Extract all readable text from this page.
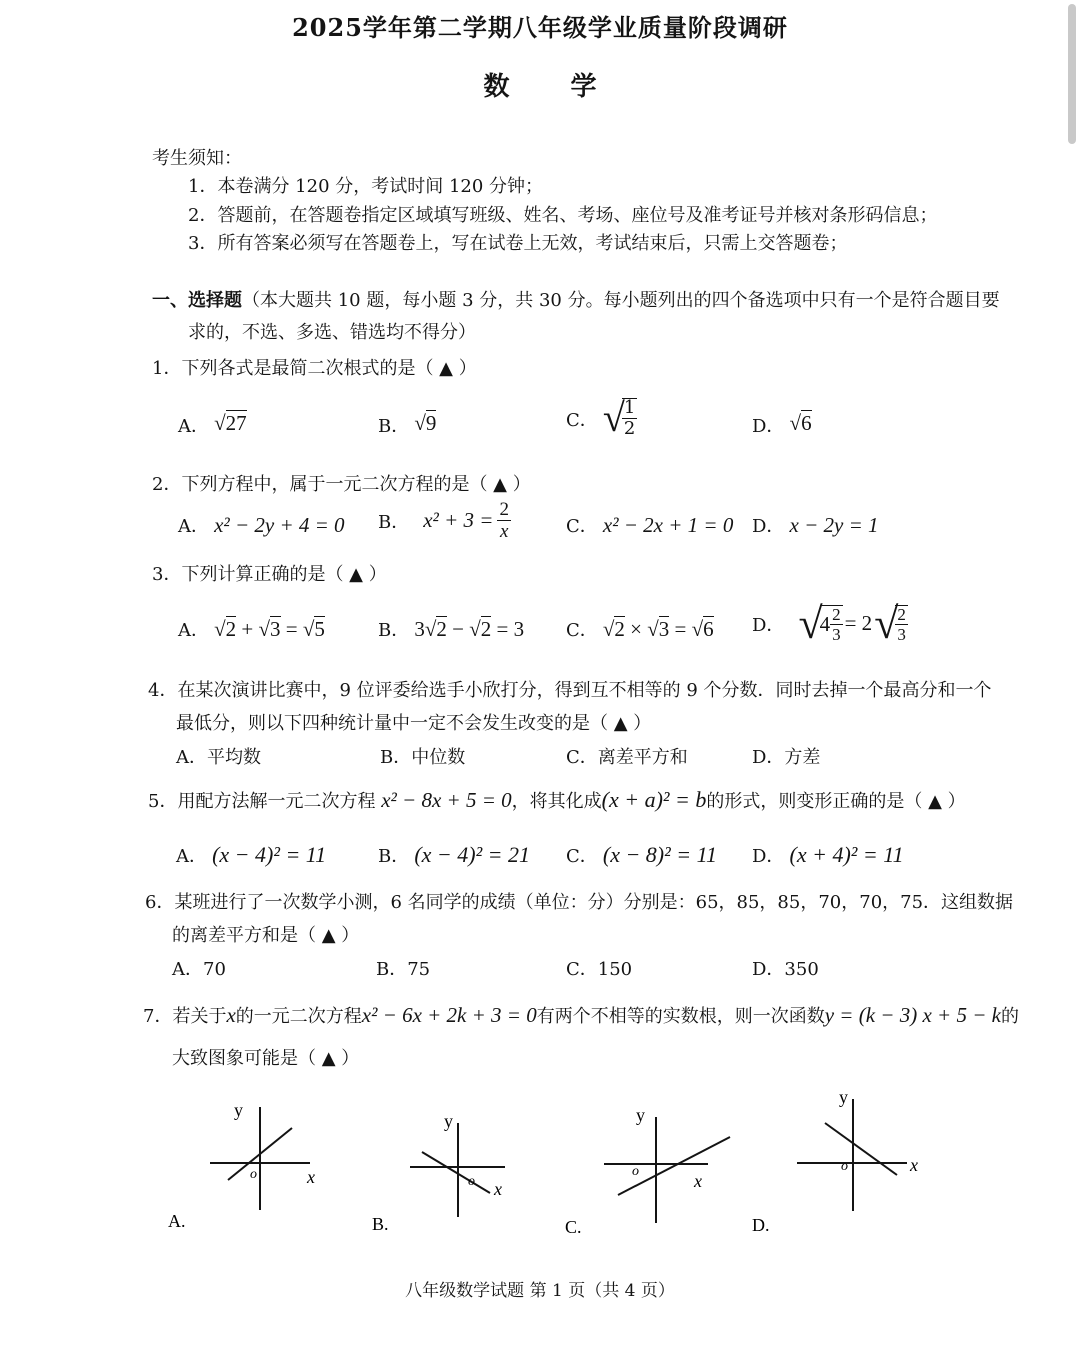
2025学年第二学期八年级学业质量阶段调研
数 学
考生须知：
1．本卷满分 120 分，考试时间 120 分钟；
2．答题前，在答题卷指定区域填写班级、姓名、考场、座位号及准考证号并核对条形码信息；
3．所有答案必须写在答题卷上，写在试卷上无效，考试结束后，只需上交答题卷；
一、选择题（本大题共 10 题，每小题 3 分，共 30 分。每小题列出的四个备选项中只有一个是符合题目要
求的，不选、多选、错选均不得分）
1．下列各式是最简二次根式的是（ ▲ ）
A． √27	B． √9	C． √
$\frac{1}{2}$	D． √6
2．下列方程中，属于一元二次方程的是（ ▲ ）
A． x² − 2y + 4 = 0 B． $x^2 + 3 = \frac{2}{x}$	C． x² − 2x + 1 = 0 D． x − 2y = 1
3．下列计算正确的是（ ▲ ）
A． √2 + √3 = √5	B． 3√2 − √2 = 3 C． √2 × √3 = √6 D． √
$4 \frac{2}{3} = 2$ √
$\frac{2}{3}$
4．在某次演讲比赛中，9 位评委给选手小欣打分，得到互不相等的 9 个分数．同时去掉一个最高分和一个
最低分，则以下四种统计量中一定不会发生改变的是（ ▲ ）
A．平均数	B．中位数	C．离差平方和	D．方差
5．用配方法解一元二次方程 x² − 8x + 5 = 0，将其化成(x + a)² = b的形式，则变形正确的是（ ▲ ）
A． (x − 4)² = 11	B． (x − 4)² = 21 C． (x − 8)² = 11 D． (x + 4)² = 11
6．某班进行了一次数学小测，6 名同学的成绩（单位：分）分别是：65，85，85，70，70，75．这组数据
的离差平方和是（ ▲ ）
A．70	B．75	C．150	D．350
7．若关于x的一元二次方程x² − 6x + 2k + 3 = 0有两个不相等的实数根，则一次函数y = (k − 3) x + 5 − k的
大致图象可能是（ ▲ ）
y
x
o
A.
y
x
o
B.
y
x
o
C.
y
x
o
D.
八年级数学试题 第 1 页（共 4 页）
